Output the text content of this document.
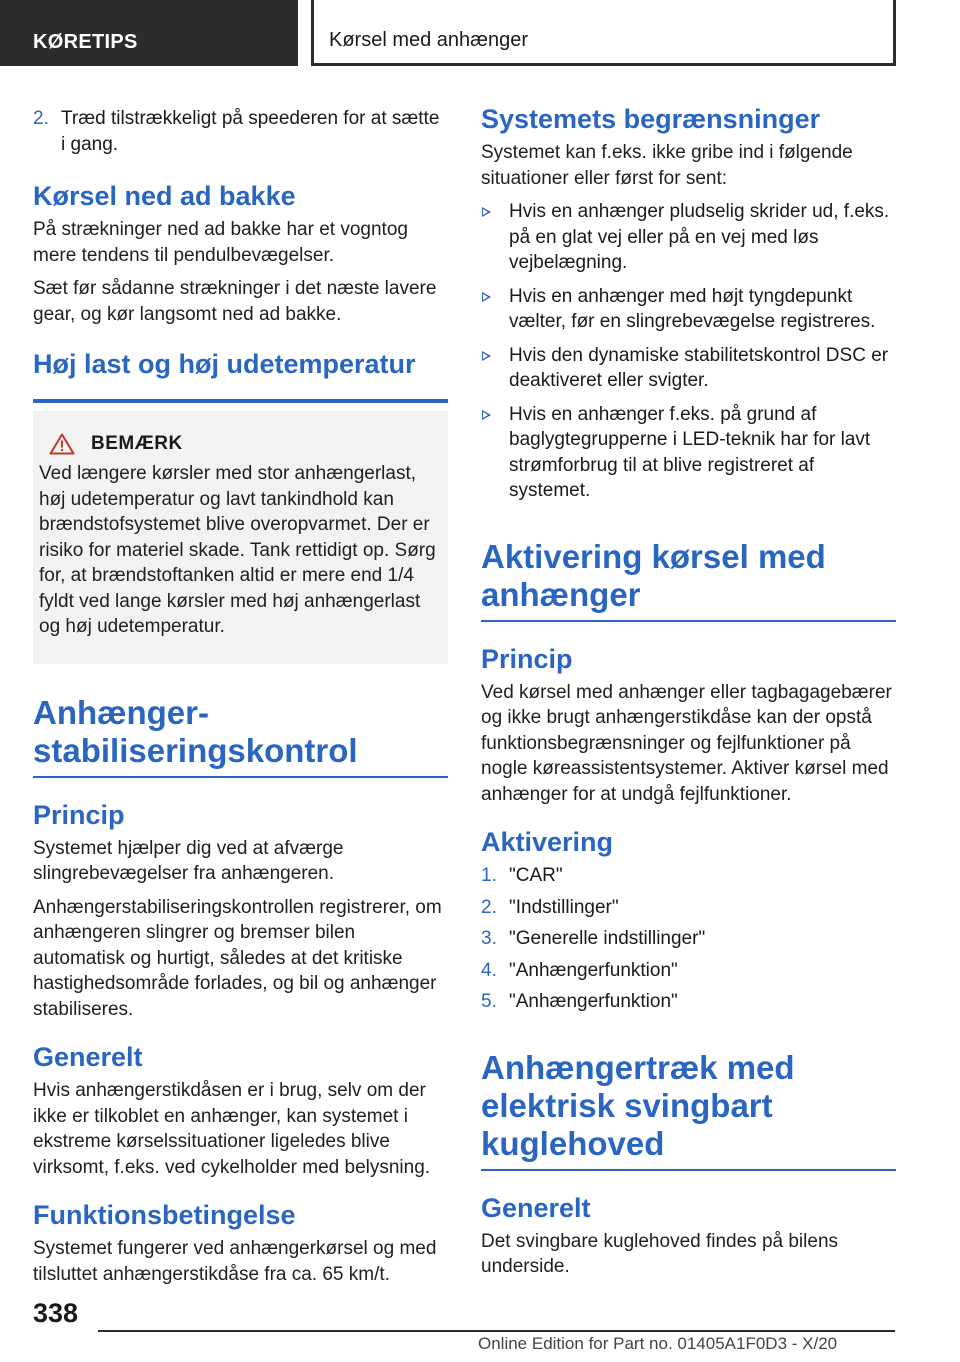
KØRETIPS	Kørsel med anhænger
2. Træd tilstrækkeligt på speederen for at sætte i gang.
Kørsel ned ad bakke

På strækninger ned ad bakke har et vogntog mere tendens til pendulbevægelser.

Sæt før sådanne strækninger i det næste lavere gear, og kør langsomt ned ad bakke.

Høj last og høj udetemperatur
BEMÆRK

Ved længere kørsler med stor anhængerlast, høj udetemperatur og lavt tankindhold kan brændstofsystemet blive overopvarmet. Der er risiko for materiel skade. Tank rettidigt op. Sørg for, at brændstoftanken altid er mere end 1/4 fyldt ved lange kørsler med høj anhængerlast og høj udetemperatur.

Anhængerstabiliseringskontrol
Princip

Systemet hjælper dig ved at afværge slingrebevægelser fra anhængeren.

Anhængerstabiliseringskontrollen registrerer, om anhængeren slingrer og bremser bilen automatisk og hurtigt, således at det kritiske hastighedsområde forlades, og bil og anhænger stabiliseres.

Generelt

Hvis anhængerstikdåsen er i brug, selv om der ikke er tilkoblet en anhænger, kan systemet i ekstreme kørselssituationer ligeledes blive virksomt, f.eks. ved cykelholder med belysning.

Funktionsbetingelse

Systemet fungerer ved anhængerkørsel og med tilsluttet anhængerstikdåse fra ca. 65 km/t.

Systemets begrænsninger

Systemet kan f.eks. ikke gribe ind i følgende situationer eller først for sent:

Hvis en anhænger pludselig skrider ud, f.eks. på en glat vej eller på en vej med løs vejbelægning.
Hvis en anhænger med højt tyngdepunkt vælter, før en slingrebevægelse registreres.
Hvis den dynamiske stabilitetskontrol DSC er deaktiveret eller svigter.
Hvis en anhænger f.eks. på grund af baglygtegrupperne i LED-teknik har for lavt strømforbrug til at blive registreret af systemet.
Aktivering kørsel med anhænger
Princip

Ved kørsel med anhænger eller tagbagagebærer og ikke brugt anhængerstikdåse kan der opstå funktionsbegrænsninger og fejlfunktioner på nogle køreassistentsystemer. Aktiver kørsel med anhænger for at undgå fejlfunktioner.

Aktivering
1. "CAR"
2. "Indstillinger"
3. "Generelle indstillinger"
4. "Anhængerfunktion"
5. "Anhængerfunktion"
Anhængertræk med elektrisk svingbart kuglehoved
Generelt

Det svingbare kuglehoved findes på bilens underside.

338
Online Edition for Part no. 01405A1F0D3 - X/20
